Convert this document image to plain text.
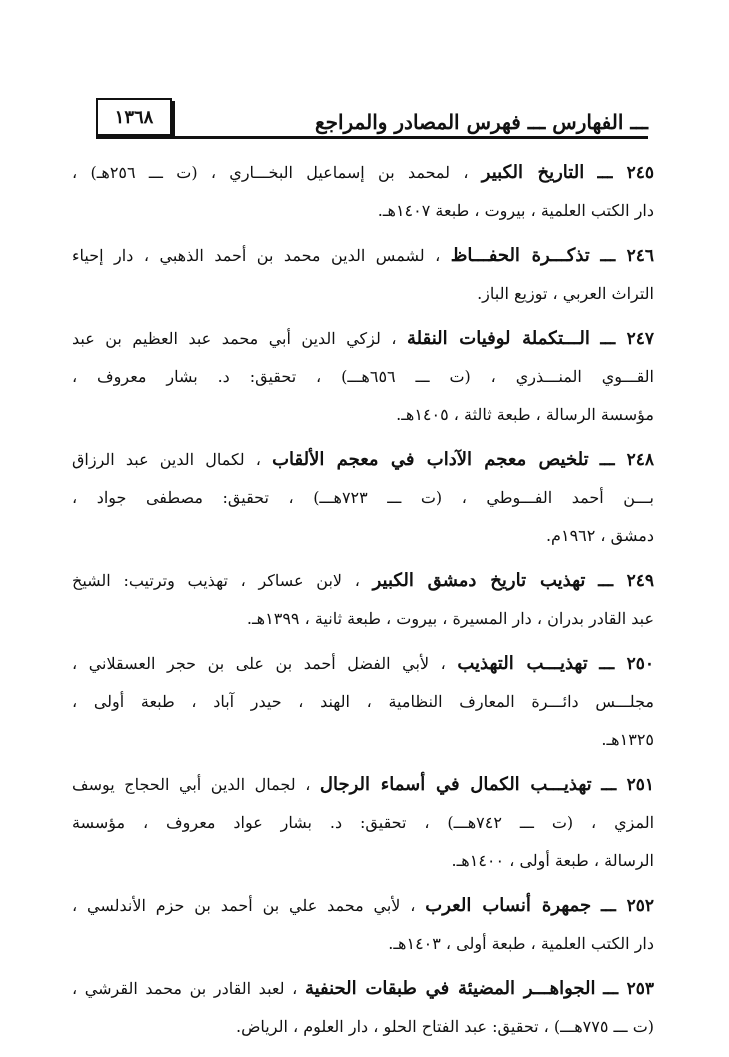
١٣٦٨	ـــ الفهارس ـــ فهرس المصادر والمراجع
٢٤٥ ـــ التاريخ الكبير ، لمحمد بن إسماعيل البخـــاري ، (ت ـــ ٢٥٦هـ) ،
دار الكتب العلمية ، بيروت ، طبعة ١٤٠٧هـ.
٢٤٦ ـــ تذكـــرة الحفـــاظ ، لشمس الدين محمد بن أحمد الذهبي ، دار إحياء
التراث العربي ، توزيع الباز.
٢٤٧ ـــ الـــتكملة لوفيات النقلة ، لزكي الدين أبي محمد عبد العظيم بن عبد
القـــوي المنـــذري ، (ت ـــ ٦٥٦هـــ) ، تحقيق: د. بشار معروف ،
مؤسسة الرسالة ، طبعة ثالثة ، ١٤٠٥هـ.
٢٤٨ ـــ تلخيص معجم الآداب في معجم الألقاب ، لكمال الدين عبد الرزاق
بـــن أحمد الفـــوطي ، (ت ـــ ٧٢٣هـــ) ، تحقيق: مصطفى جواد ،
دمشق ، ١٩٦٢م.
٢٤٩ ـــ تهذيب تاريخ دمشق الكبير ، لابن عساكر ، تهذيب وترتيب: الشيخ
عبد القادر بدران ، دار المسيرة ، بيروت ، طبعة ثانية ، ١٣٩٩هـ.
٢٥٠ ـــ تهذيـــب التهذيب ، لأبي الفضل أحمد بن على بن حجر العسقلاني ،
مجلـــس دائـــرة المعارف النظامية ، الهند ، حيدر آباد ، طبعة أولى ،
١٣٢٥هـ.
٢٥١ ـــ تهذيـــب الكمال في أسماء الرجال ، لجمال الدين أبي الحجاج يوسف
المزي ، (ت ـــ ٧٤٢هـــ) ، تحقيق: د. بشار عواد معروف ، مؤسسة
الرسالة ، طبعة أولى ، ١٤٠٠هـ.
٢٥٢ ـــ جمهرة أنساب العرب ، لأبي محمد علي بن أحمد بن حزم الأندلسي ،
دار الكتب العلمية ، طبعة أولى ، ١٤٠٣هـ.
٢٥٣ ـــ الجواهـــر المضيئة في طبقات الحنفية ، لعبد القادر بن محمد القرشي ،
(ت ـــ ٧٧٥هـــ) ، تحقيق: عبد الفتاح الحلو ، دار العلوم ، الرياض.
